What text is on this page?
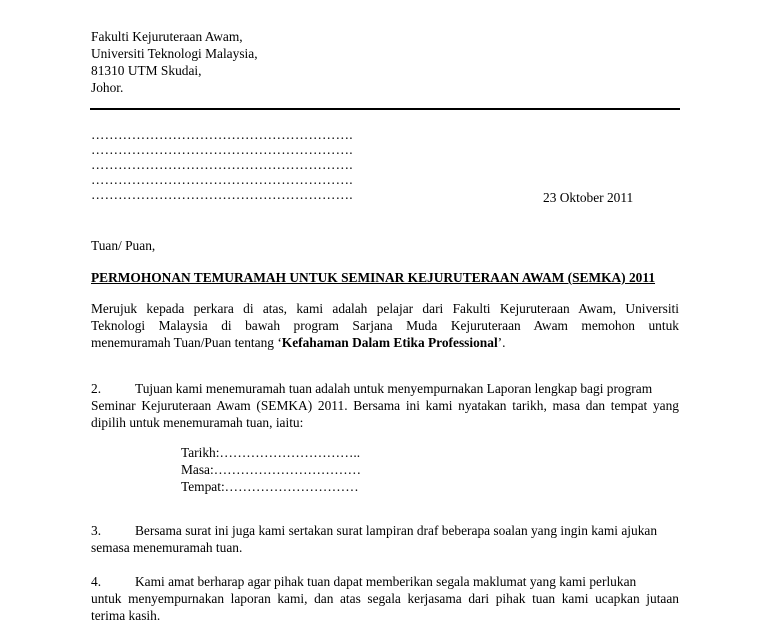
Fakulti Kejuruteraan Awam,
Universiti Teknologi Malaysia,
81310 UTM Skudai,
Johor.
………………………………………………….
………………………………………………….
………………………………………………….
………………………………………………….
………………………………………………….	23 Oktober 2011
Tuan/ Puan,
PERMOHONAN TEMURAMAH UNTUK SEMINAR KEJURUTERAAN AWAM (SEMKA) 2011
Merujuk kepada perkara di atas, kami adalah pelajar dari Fakulti Kejuruteraan Awam, Universiti
Teknologi Malaysia di bawah program Sarjana Muda Kejuruteraan Awam memohon untuk
menemuramah Tuan/Puan tentang ‘Kefahaman Dalam Etika Professional’.
2.	Tujuan kami menemuramah tuan adalah untuk menyempurnakan Laporan lengkap bagi program
Seminar Kejuruteraan Awam (SEMKA) 2011. Bersama ini kami nyatakan tarikh, masa dan tempat yang
dipilih untuk menemuramah tuan, iaitu:
Tarikh:…………………………..
Masa:……………………………
Tempat:…………………………
3.	Bersama surat ini juga kami sertakan surat lampiran draf beberapa soalan yang ingin kami ajukan
semasa menemuramah tuan.
4.	Kami amat berharap agar pihak tuan dapat memberikan segala maklumat yang kami perlukan
untuk menyempurnakan laporan kami, dan atas segala kerjasama dari pihak tuan kami ucapkan jutaan
terima kasih.
